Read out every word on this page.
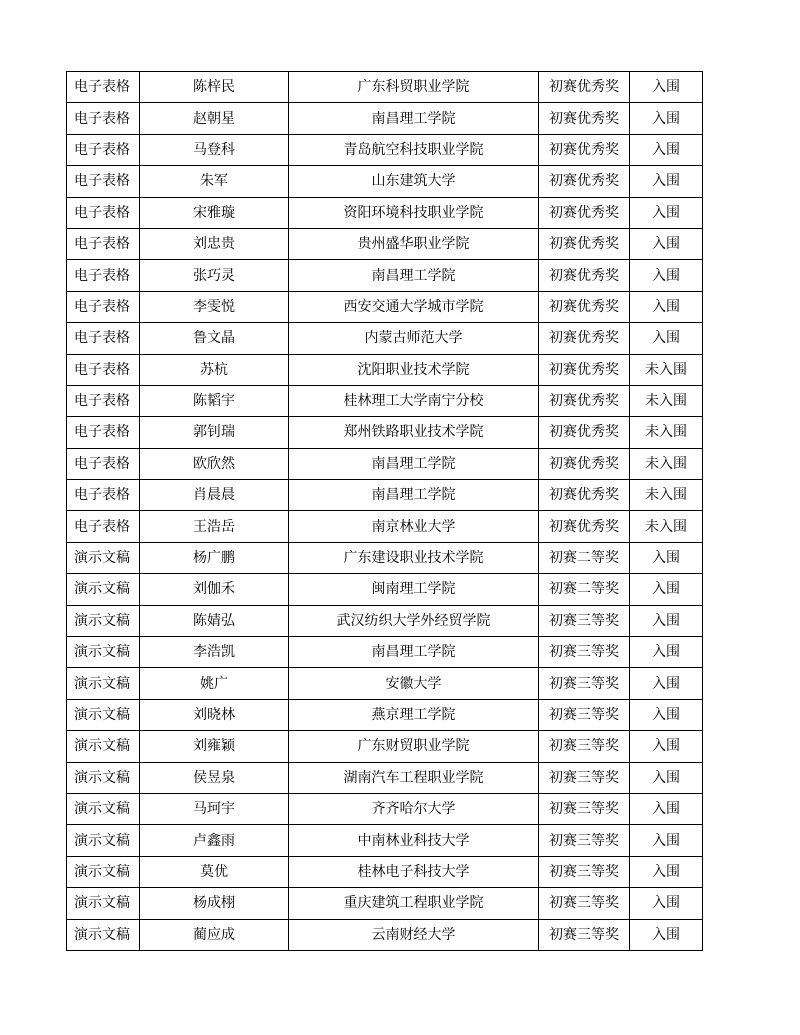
电子表格	陈梓民	广东科贸职业学院	初赛优秀奖	入围
电子表格	赵朝星	南昌理工学院	初赛优秀奖	入围
电子表格	马登科	青岛航空科技职业学院	初赛优秀奖	入围
电子表格	朱军	山东建筑大学	初赛优秀奖	入围
电子表格	宋雅璇	资阳环境科技职业学院	初赛优秀奖	入围
电子表格	刘忠贵	贵州盛华职业学院	初赛优秀奖	入围
电子表格	张巧灵	南昌理工学院	初赛优秀奖	入围
电子表格	李雯悦	西安交通大学城市学院	初赛优秀奖	入围
电子表格	鲁文晶	内蒙古师范大学	初赛优秀奖	入围
电子表格	苏杭	沈阳职业技术学院	初赛优秀奖	未入围
电子表格	陈韬宇	桂林理工大学南宁分校	初赛优秀奖	未入围
电子表格	郭钊瑞	郑州铁路职业技术学院	初赛优秀奖	未入围
电子表格	欧欣然	南昌理工学院	初赛优秀奖	未入围
电子表格	肖晨晨	南昌理工学院	初赛优秀奖	未入围
电子表格	王浩岳	南京林业大学	初赛优秀奖	未入围
演示文稿	杨广鹏	广东建设职业技术学院	初赛二等奖	入围
演示文稿	刘伽禾	闽南理工学院	初赛二等奖	入围
演示文稿	陈婧弘	武汉纺织大学外经贸学院	初赛三等奖	入围
演示文稿	李浩凯	南昌理工学院	初赛三等奖	入围
演示文稿	姚广	安徽大学	初赛三等奖	入围
演示文稿	刘晓林	燕京理工学院	初赛三等奖	入围
演示文稿	刘雍颖	广东财贸职业学院	初赛三等奖	入围
演示文稿	侯昱泉	湖南汽车工程职业学院	初赛三等奖	入围
演示文稿	马珂宇	齐齐哈尔大学	初赛三等奖	入围
演示文稿	卢鑫雨	中南林业科技大学	初赛三等奖	入围
演示文稿	莫优	桂林电子科技大学	初赛三等奖	入围
演示文稿	杨成栩	重庆建筑工程职业学院	初赛三等奖	入围
演示文稿	蔺应成	云南财经大学	初赛三等奖	入围
